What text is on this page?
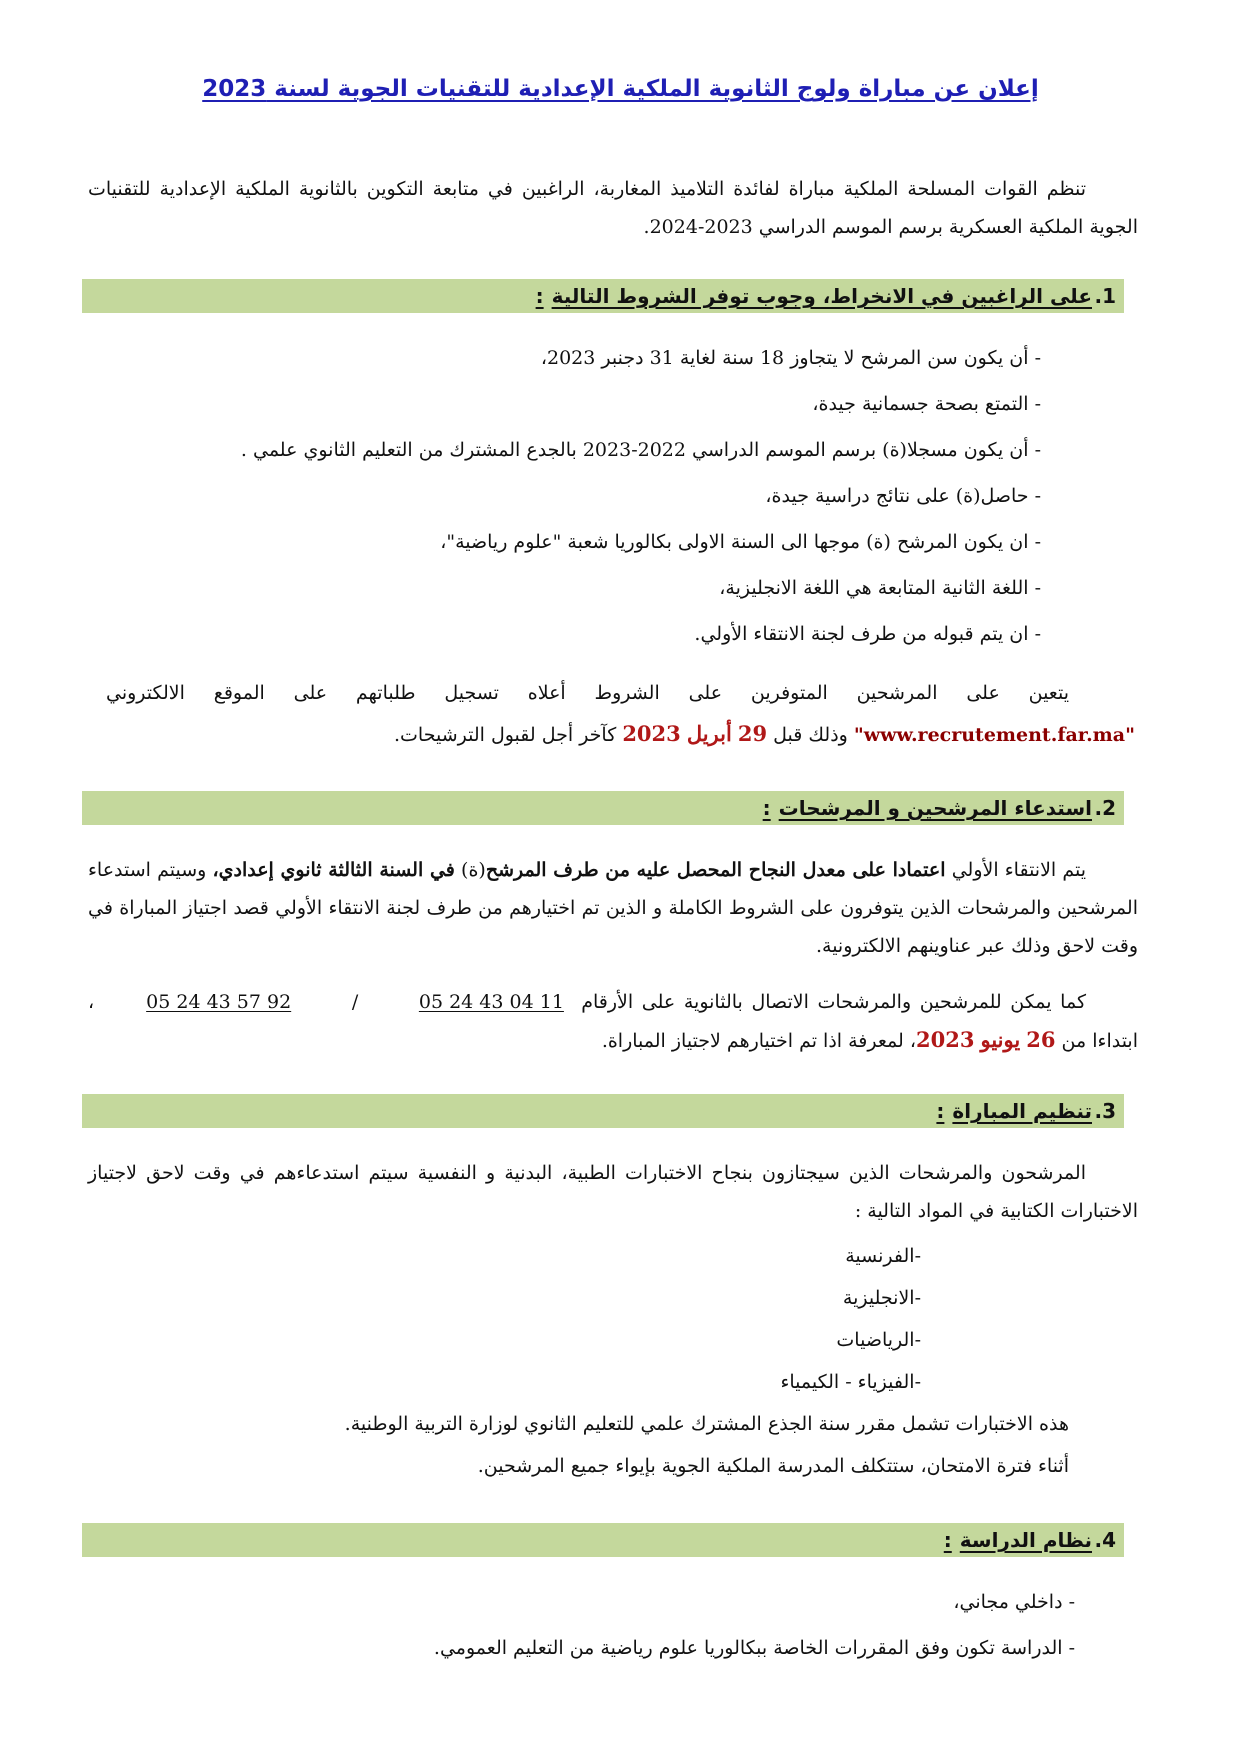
إعلان عن مباراة ولوج الثانوية الملكية الإعدادية للتقنيات الجوية لسنة 2023

تنظم القوات المسلحة الملكية مباراة لفائدة التلاميذ المغاربة، الراغبين في متابعة التكوين بالثانوية الملكية الإعدادية للتقنيات الجوية الملكية العسكرية برسم الموسم الدراسي 2023-2024.

1.
على الراغبين في الانخراط، وجوب توفر الشروط التالية:

- أن يكون سن المرشح لا يتجاوز 18 سنة لغاية 31 دجنبر 2023،

- التمتع بصحة جسمانية جيدة،

- أن يكون مسجلا(ة) برسم الموسم الدراسي 2022-2023 بالجدع المشترك من التعليم الثانوي علمي .

- حاصل(ة) على نتائج دراسية جيدة،

- ان يكون المرشح (ة) موجها الى السنة الاولى بكالوريا شعبة "علوم رياضية"،

- اللغة الثانية المتابعة هي اللغة الانجليزية،

- ان يتم قبوله من طرف لجنة الانتقاء الأولي.

يتعين على المرشحين المتوفرين على الشروط أعلاه تسجيل طلباتهم على الموقع الالكتروني

"www.recrutement.far.ma" وذلك قبل 29 أبريل 2023 كآخر أجل لقبول الترشيحات.

2.
استدعاء المرشحين و المرشحات:

يتم الانتقاء الأولي اعتمادا على معدل النجاح المحصل عليه من طرف المرشح(ة) في السنة الثالثة ثانوي إعدادي، وسيتم استدعاء المرشحين والمرشحات الذين يتوفرون على الشروط الكاملة و الذين تم اختيارهم من طرف لجنة الانتقاء الأولي قصد اجتياز المباراة في وقت لاحق وذلك عبر عناوينهم الالكترونية.

كما يمكن للمرشحين والمرشحات الاتصال بالثانوية على الأرقام  05 24 43 04 11 / 05 24 43 57 92، ابتداءا من 26 يونيو 2023، لمعرفة اذا تم اختيارهم لاجتياز المباراة.

3.
تنظيم المباراة:

المرشحون والمرشحات الذين سيجتازون بنجاح الاختبارات الطبية، البدنية و النفسية سيتم استدعاءهم في وقت لاحق لاجتياز الاختبارات الكتابية في المواد التالية :

-الفرنسية

-الانجليزية

-الرياضيات

-الفيزياء - الكيمياء

هذه الاختبارات تشمل مقرر سنة الجذع المشترك علمي للتعليم الثانوي لوزارة التربية الوطنية.

أثناء فترة الامتحان، ستتكلف المدرسة الملكية الجوية بإيواء جميع المرشحين.

4.
نظام الدراسة:

- داخلي مجاني،

- الدراسة تكون وفق المقررات الخاصة ببكالوريا علوم رياضية من التعليم العمومي.
